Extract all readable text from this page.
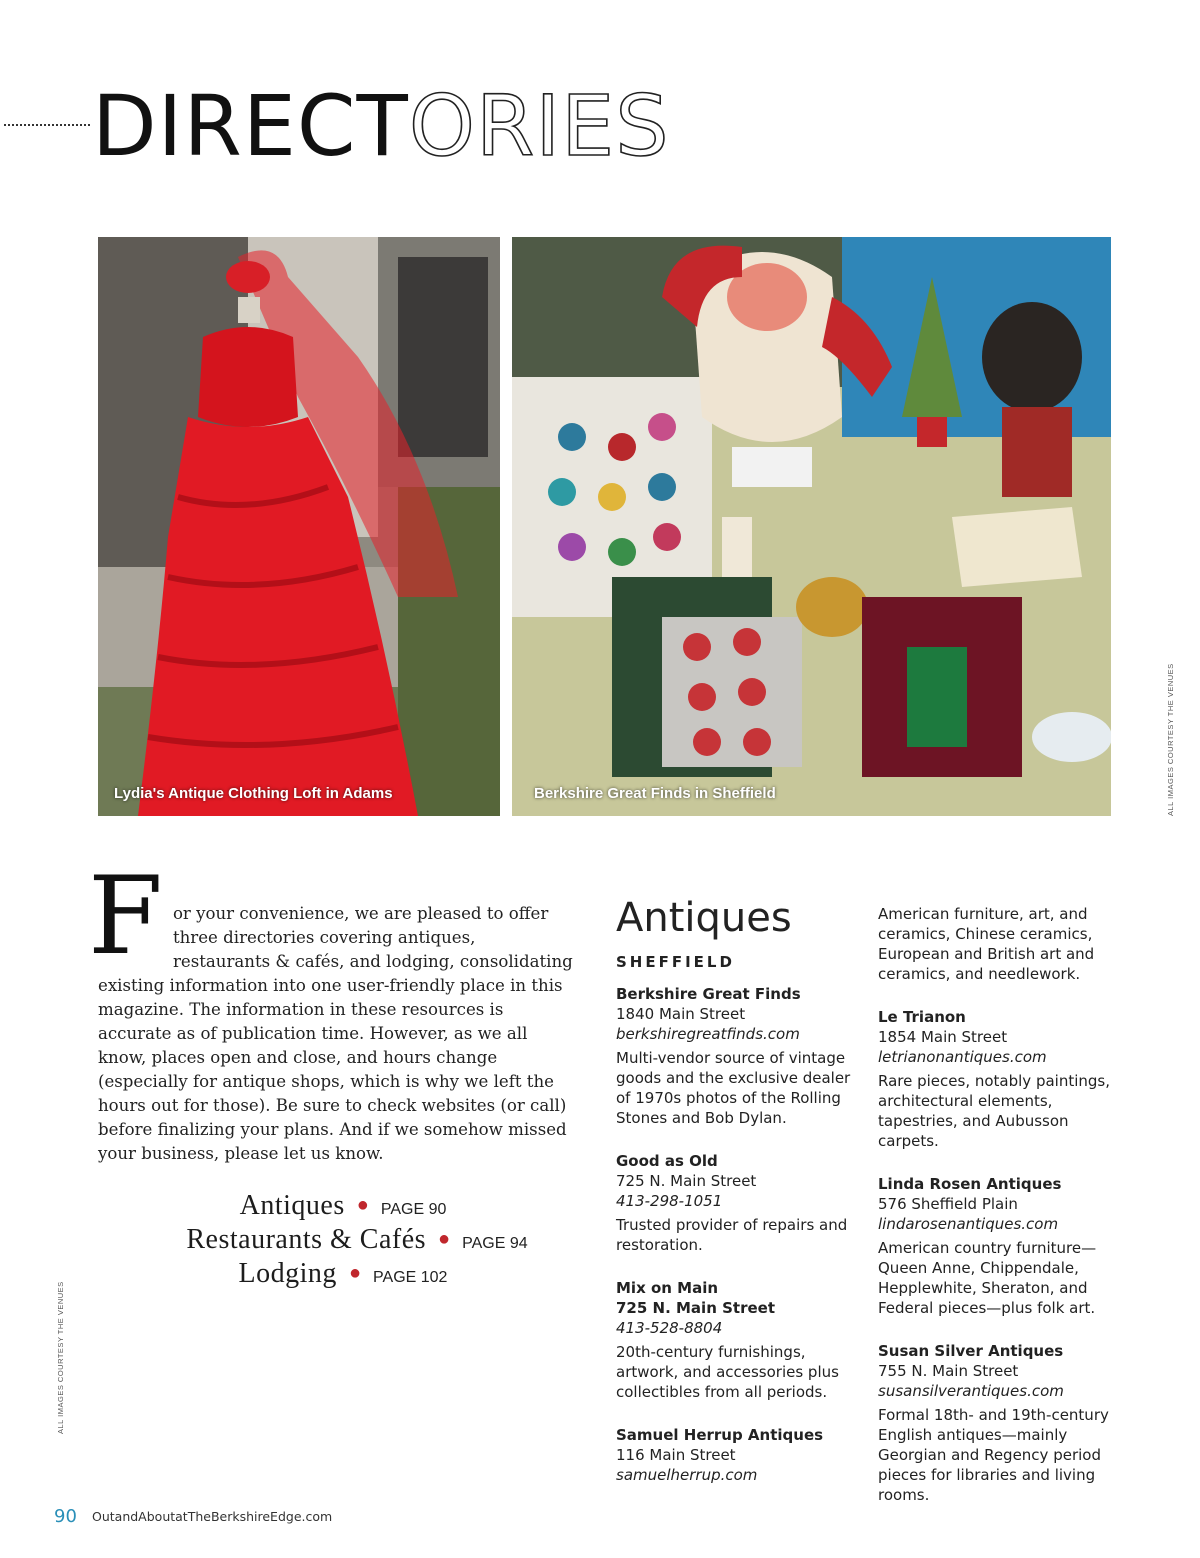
DIRECTORIES
Lydia's Antique Clothing Loft in Adams	Berkshire Great Finds in Sheffield	ALL IMAGES COURTESY THE VENUES
For your convenience, we are pleased to offer three directories covering antiques, restaurants & cafés, and lodging, consolidating existing information into one user-friendly place in this magazine. The information in these resources is accurate as of publication time. However, as we all know, places open and close, and hours change (especially for antique shops, which is why we left the hours out for those). Be sure to check websites (or call) before finalizing your plans. And if we somehow missed your business, please let us know.
Antiques ● PAGE 90
Restaurants & Cafés ● PAGE 94
Lodging ● PAGE 102
ALL IMAGES COURTESY THE VENUES
Antiques
SHEFFIELD
Berkshire Great Finds
1840 Main Street
berkshiregreatfinds.com
Multi-vendor source of vintage goods and the exclusive dealer of 1970s photos of the Rolling Stones and Bob Dylan.
Good as Old
725 N. Main Street
413-298-1051
Trusted provider of repairs and restoration.
Mix on Main
725 N. Main Street
413-528-8804
20th-century furnishings, artwork, and accessories plus collectibles from all periods.
Samuel Herrup Antiques
116 Main Street
samuelherrup.com
American furniture, art, and ceramics, Chinese ceramics, European and British art and ceramics, and needlework.
Le Trianon
1854 Main Street
letrianonantiques.com
Rare pieces, notably paintings, architectural elements, tapestries, and Aubusson carpets.
Linda Rosen Antiques
576 Sheffield Plain
lindarosenantiques.com
American country furniture—Queen Anne, Chippendale, Hepplewhite, Sheraton, and Federal pieces—plus folk art.
Susan Silver Antiques
755 N. Main Street
susansilverantiques.com
Formal 18th- and 19th-century English antiques—mainly Georgian and Regency period pieces for libraries and living rooms.
90 OutandAboutatTheBerkshireEdge.com
